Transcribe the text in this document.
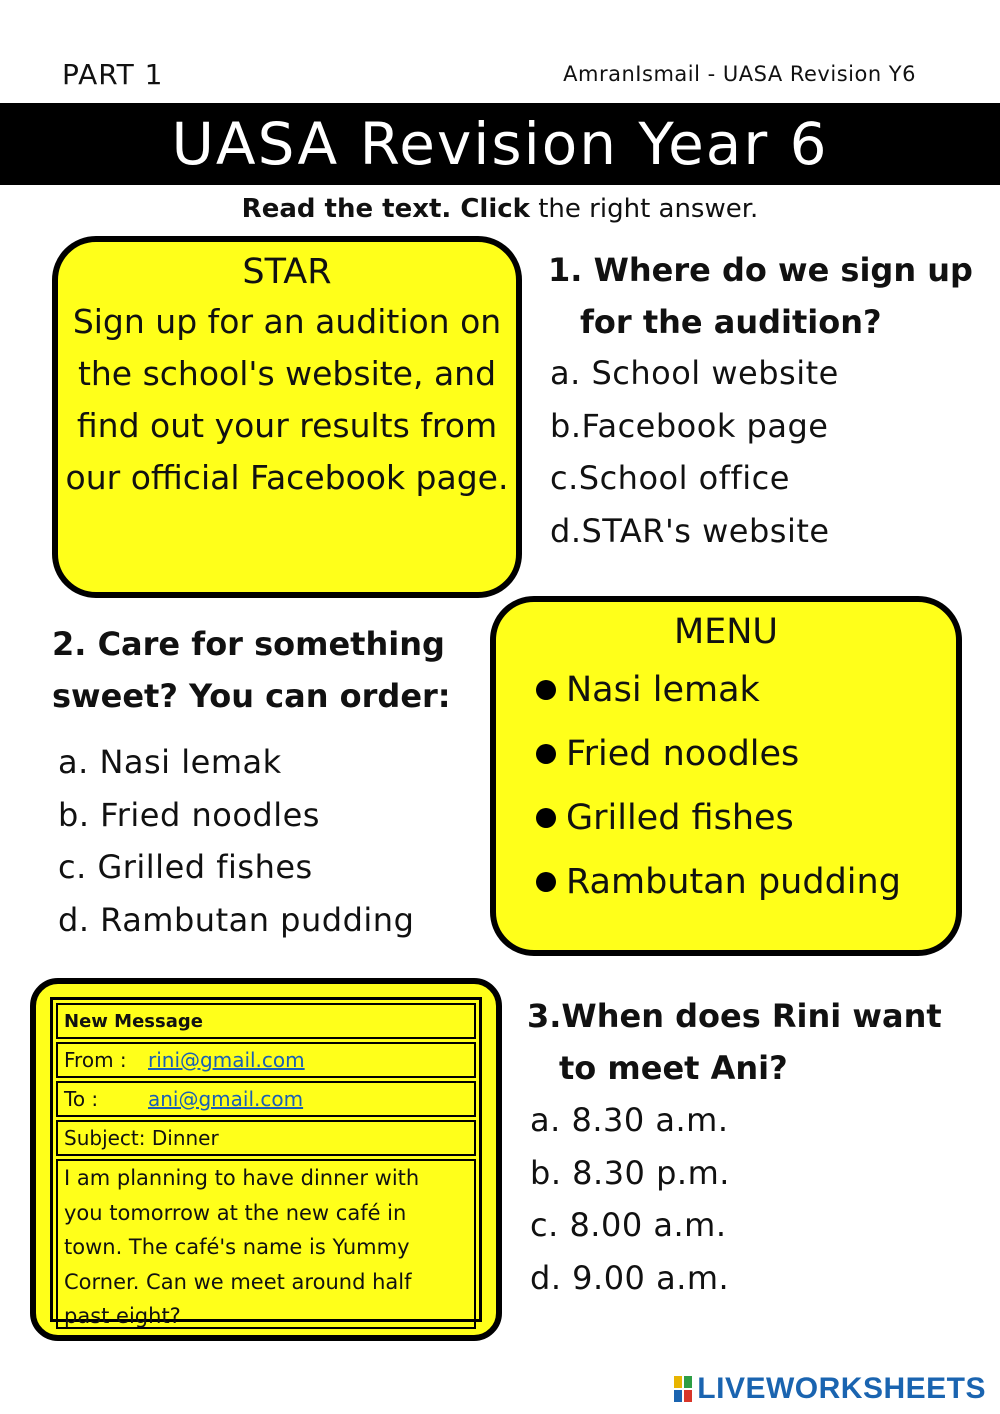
PART 1	AmranIsmail - UASA Revision Y6
UASA Revision Year 6
Read the text. Click the right answer.
STAR
Sign up for an audition on the school's website, and find out your results from our official Facebook page.
1. Where do we sign up
for the audition?
a. School website
b.Facebook page
c.School office
d.STAR's website
2. Care for something
sweet? You can order:
a. Nasi lemak
b. Fried noodles
c. Grilled fishes
d. Rambutan pudding
MENU
Nasi lemak
Fried noodles
Grilled fishes
Rambutan pudding
New Message
From :	rini@gmail.com
To :	ani@gmail.com
Subject: Dinner
I am planning to have dinner with
you tomorrow at the new café in
town. The café's name is Yummy
Corner. Can we meet around half
past eight?
3.When does Rini want
to meet Ani?
a. 8.30 a.m.
b. 8.30 p.m.
c. 8.00 a.m.
d. 9.00 a.m.
LIVEWORKSHEETS
